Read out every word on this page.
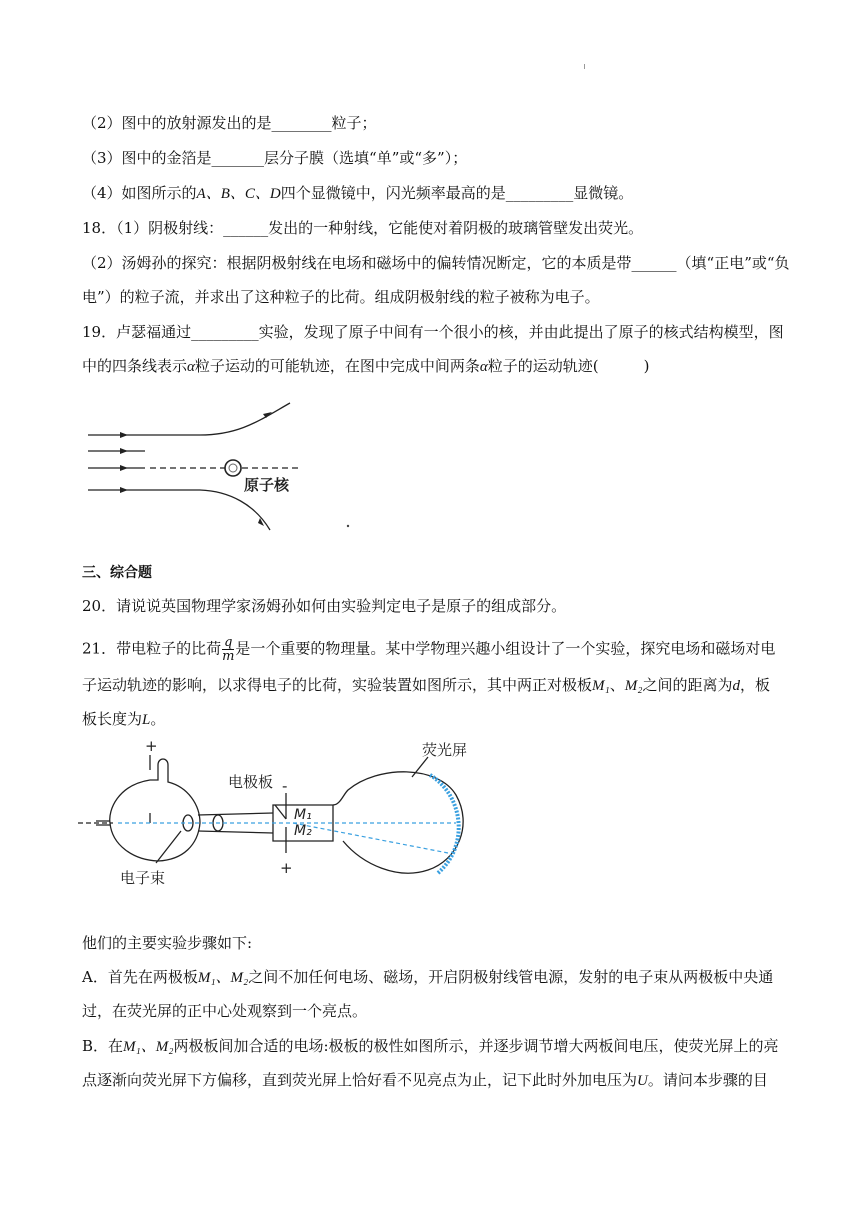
（2）图中的放射源发出的是________粒子；
（3）图中的金箔是_______层分子膜（选填“单”或“多”）；
（4）如图所示的A、B、C、D四个显微镜中，闪光频率最高的是_________显微镜。
18．（1）阴极射线：______发出的一种射线，它能使对着阴极的玻璃管壁发出荧光。
（2）汤姆孙的探究：根据阴极射线在电场和磁场中的偏转情况断定，它的本质是带______（填“正电”或“负
电”）的粒子流，并求出了这种粒子的比荷。组成阴极射线的粒子被称为电子。
19．卢瑟福通过_________实验，发现了原子中间有一个很小的核，并由此提出了原子的核式结构模型，图
中的四条线表示α粒子运动的可能轨迹，在图中完成中间两条α粒子的运动轨迹(　　　)
原子核
三、综合题
20．请说说英国物理学家汤姆孙如何由实验判定电子是原子的组成部分。
21．带电粒子的比荷 $\frac{q}{m}$ 是一个重要的物理量。某中学物理兴趣小组设计了一个实验，探究电场和磁场对电
子运动轨迹的影响，以求得电子的比荷，实验装置如图所示，其中两正对极板M₁、M₂之间的距离为d，板
板长度为L。
+
-
+
电极板
荧光屏
电子束
M₁
M₂
他们的主要实验步骤如下:
A．首先在两极板M₁、M₂之间不加任何电场、磁场，开启阴极射线管电源，发射的电子束从两极板中央通
过，在荧光屏的正中心处观察到一个亮点。
B．在M₁、M₂两极板间加合适的电场:极板的极性如图所示，并逐步调节增大两板间电压，使荧光屏上的亮
点逐渐向荧光屏下方偏移，直到荧光屏上恰好看不见亮点为止，记下此时外加电压为U。请问本步骤的目
